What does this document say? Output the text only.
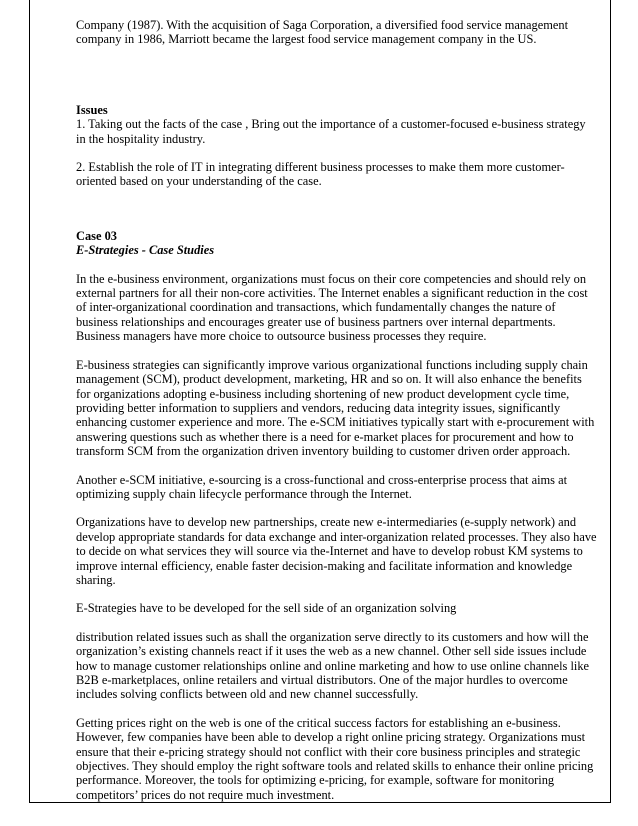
Company (1987). With the acquisition of Saga Corporation, a diversified food service management company in 1986, Marriott became the largest food service management company in the US.

Issues

1. Taking out the facts of the case , Bring out the importance of a customer-focused e-business strategy in the hospitality industry.

2. Establish the role of IT in integrating different business processes to make them more customer-oriented based on your understanding of the case.

Case 03

E-Strategies - Case Studies

In the e-business environment, organizations must focus on their core competencies and should rely on external partners for all their non-core activities. The Internet enables a significant reduction in the cost of inter-organizational coordination and transactions, which fundamentally changes the nature of business relationships and encourages greater use of business partners over internal departments. Business managers have more choice to outsource business processes they require.

E-business strategies can significantly improve various organizational functions including supply chain management (SCM), product development, marketing, HR and so on. It will also enhance the benefits for organizations adopting e-business including shortening of new product development cycle time, providing better information to suppliers and vendors, reducing data integrity issues, significantly enhancing customer experience and more. The e-SCM initiatives typically start with e-procurement with answering questions such as whether there is a need for e-market places for procurement and how to transform SCM from the organization driven inventory building to customer driven order approach.

Another e-SCM initiative, e-sourcing is a cross-functional and cross-enterprise process that aims at optimizing supply chain lifecycle performance through the Internet.

Organizations have to develop new partnerships, create new e-intermediaries (e-supply network) and develop appropriate standards for data exchange and inter-organization related processes. They also have to decide on what services they will source via the-Internet and have to develop robust KM systems to improve internal efficiency, enable faster decision-making and facilitate information and knowledge sharing.

E-Strategies have to be developed for the sell side of an organization solving

distribution related issues such as shall the organization serve directly to its customers and how will the organization’s existing channels react if it uses the web as a new channel. Other sell side issues include how to manage customer relationships online and online marketing and how to use online channels like B2B e-marketplaces, online retailers and virtual distributors. One of the major hurdles to overcome includes solving conflicts between old and new channel successfully.

Getting prices right on the web is one of the critical success factors for establishing an e-business. However, few companies have been able to develop a right online pricing strategy. Organizations must ensure that their e-pricing strategy should not conflict with their core business principles and strategic objectives. They should employ the right software tools and related skills to enhance their online pricing performance. Moreover, the tools for optimizing e-pricing, for example, software for monitoring competitors’ prices do not require much investment.
